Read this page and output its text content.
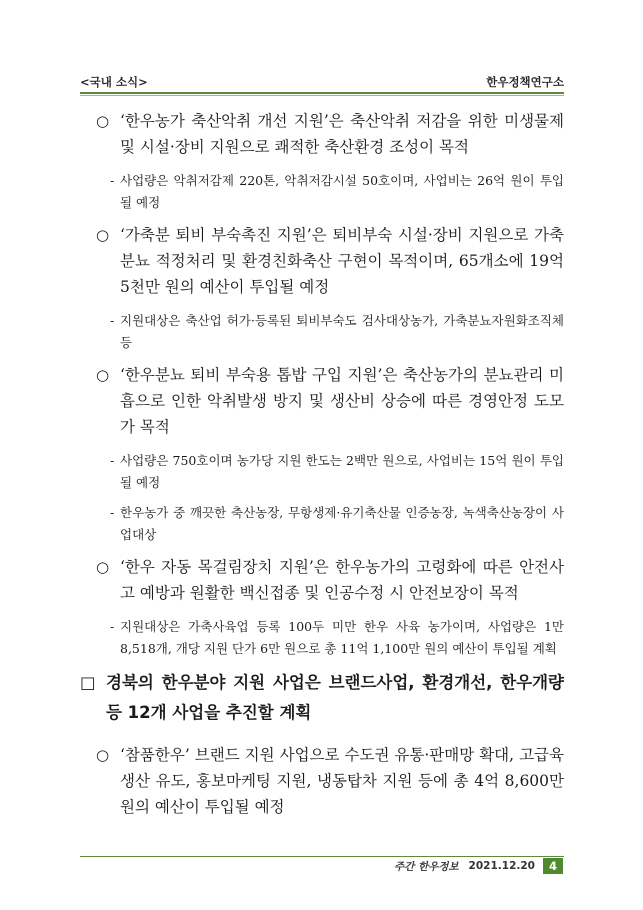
<국내 소식>	한우정책연구소
○ ‘한우농가 축산악취 개선 지원’은 축산악취 저감을 위한 미생물제 및 시설·장비 지원으로 쾌적한 축산환경 조성이 목적
- 사업량은 악취저감제 220톤, 악취저감시설 50호이며, 사업비는 26억 원이 투입될 예정
○ ‘가축분 퇴비 부숙촉진 지원’은 퇴비부숙 시설·장비 지원으로 가축분뇨 적정처리 및 환경친화축산 구현이 목적이며, 65개소에 19억 5천만 원의 예산이 투입될 예정
- 지원대상은 축산업 허가·등록된 퇴비부숙도 검사대상농가, 가축분뇨자원화조직체 등
○ ‘한우분뇨 퇴비 부숙용 톱밥 구입 지원’은 축산농가의 분뇨관리 미흡으로 인한 악취발생 방지 및 생산비 상승에 따른 경영안정 도모가 목적
- 사업량은 750호이며 농가당 지원 한도는 2백만 원으로, 사업비는 15억 원이 투입될 예정
- 한우농가 중 깨끗한 축산농장, 무항생제·유기축산물 인증농장, 녹색축산농장이 사업대상
○ ‘한우 자동 목걸림장치 지원’은 한우농가의 고령화에 따른 안전사고 예방과 원활한 백신접종 및 인공수정 시 안전보장이 목적
- 지원대상은 가축사육업 등록 100두 미만 한우 사육 농가이며, 사업량은 1만 8,518개, 개당 지원 단가 6만 원으로 총 11억 1,100만 원의 예산이 투입될 계획
□ 경북의 한우분야 지원 사업은 브랜드사업, 환경개선, 한우개량 등 12개 사업을 추진할 계획
○ ‘참품한우’ 브랜드 지원 사업으로 수도권 유통·판매망 확대, 고급육 생산 유도, 홍보마케팅 지원, 냉동탑차 지원 등에 총 4억 8,600만 원의 예산이 투입될 예정
주간 한우정보 2021.12.20	4
